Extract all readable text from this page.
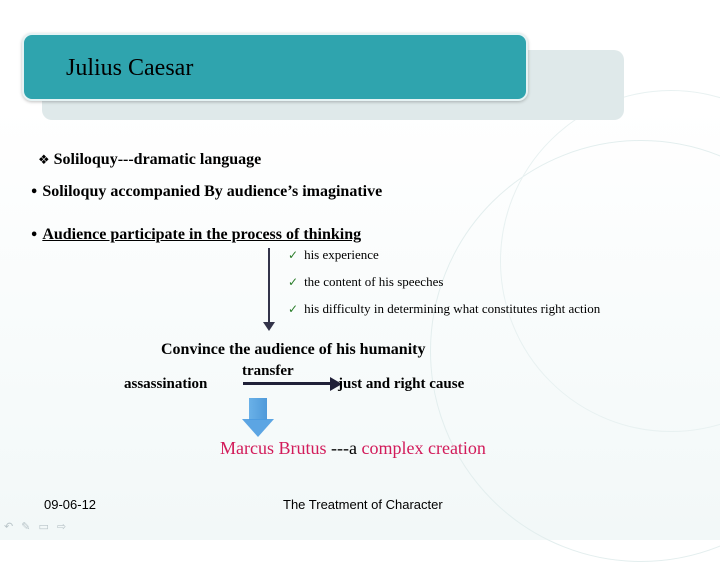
Julius Caesar
❖ Soliloquy---dramatic language
• Soliloquy accompanied By audience’s imaginative
• Audience participate in the process of thinking
✓ his experience
✓ the content of his speeches
✓ his difficulty in determining what constitutes right action
Convince the audience of his humanity
transfer
assassination	just and right cause
Marcus Brutus ---a complex creation
09-06-12	The Treatment of Character
↶ ✎ ▭ ⇨
